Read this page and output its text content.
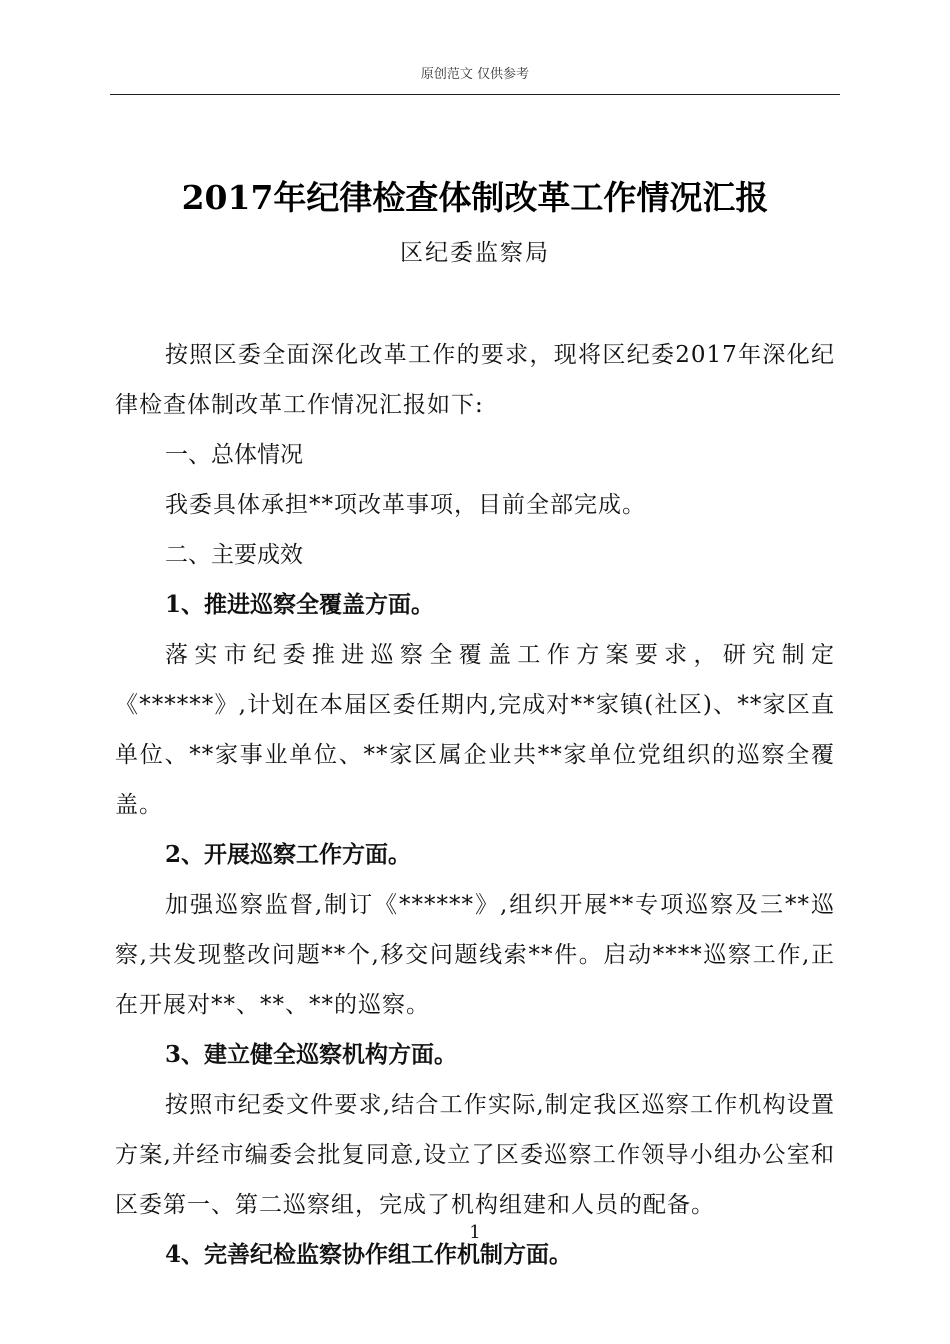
原创范文 仅供参考
2017年纪律检查体制改革工作情况汇报
区纪委监察局

按照区委全面深化改革工作的要求，现将区纪委2017年深化纪律检查体制改革工作情况汇报如下:

一、总体情况

我委具体承担**项改革事项，目前全部完成。

二、主要成效
1、推进巡察全覆盖方面。

落实市纪委推进巡察全覆盖工作方案要求，研究制定《******》,计划在本届区委任期内,完成对**家镇(社区)、**家区直单位、**家事业单位、**家区属企业共**家单位党组织的巡察全覆盖。

2、开展巡察工作方面。

加强巡察监督,制订《******》,组织开展**专项巡察及三**巡察,共发现整改问题**个,移交问题线索**件。启动****巡察工作,正在开展对**、**、**的巡察。

3、建立健全巡察机构方面。

按照市纪委文件要求,结合工作实际,制定我区巡察工作机构设置方案,并经市编委会批复同意,设立了区委巡察工作领导小组办公室和区委第一、第二巡察组，完成了机构组建和人员的配备。

4、完善纪检监察协作组工作机制方面。
1
